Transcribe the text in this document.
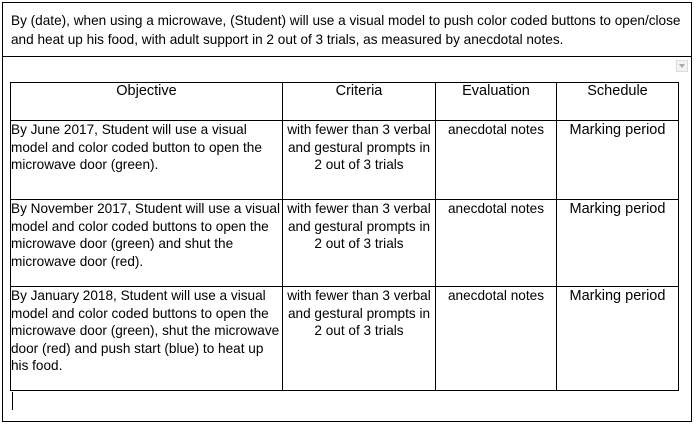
By (date), when using a microwave, (Student) will use a visual model to push color coded buttons to open/close and heat up his food, with adult support in 2 out of 3 trials, as measured by anecdotal notes.
Objective	Criteria	Evaluation	Schedule
By June 2017, Student will use a visual model and color coded button to open the microwave door (green).	with fewer than 3 verbal and gestural prompts in 2 out of 3 trials	anecdotal notes	Marking period
By November 2017, Student will use a visual model and color coded buttons to open the microwave door (green) and shut the microwave door (red).	with fewer than 3 verbal and gestural prompts in 2 out of 3 trials	anecdotal notes	Marking period
By January 2018, Student will use a visual model and color coded buttons to open the microwave door (green), shut the microwave door (red) and push start (blue) to heat up his food.	with fewer than 3 verbal and gestural prompts in 2 out of 3 trials	anecdotal notes	Marking period
